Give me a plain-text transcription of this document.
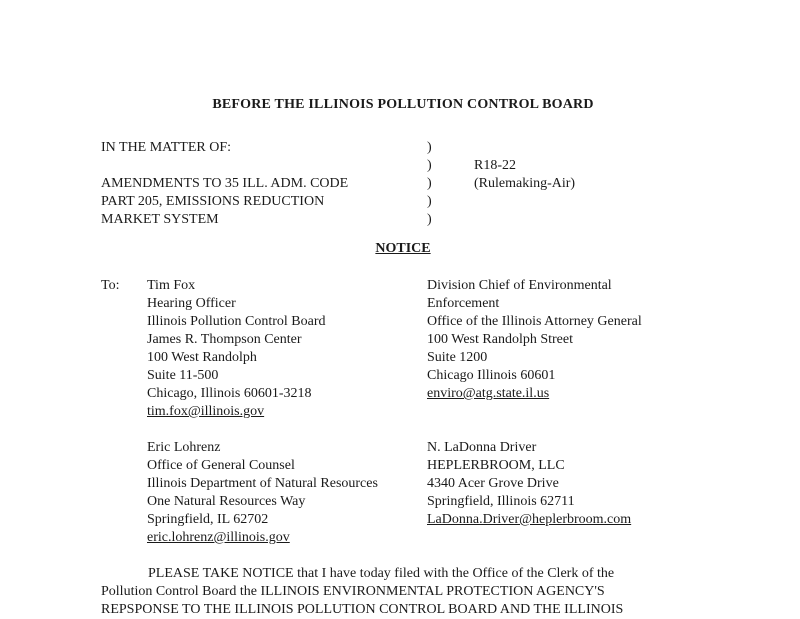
BEFORE THE ILLINOIS POLLUTION CONTROL BOARD
IN THE MATTER OF:
AMENDMENTS TO 35 ILL. ADM. CODE
PART 205, EMISSIONS REDUCTION
MARKET SYSTEM
)
)
)
)
)
R18-22
(Rulemaking-Air)
NOTICE
To: Tim Fox
Hearing Officer
Illinois Pollution Control Board
James R. Thompson Center
100 West Randolph
Suite 11-500
Chicago, Illinois 60601-3218
tim.fox@illinois.gov
Division Chief of Environmental
Enforcement
Office of the Illinois Attorney General
100 West Randolph Street
Suite 1200
Chicago Illinois 60601
enviro@atg.state.il.us
Eric Lohrenz
Office of General Counsel
Illinois Department of Natural Resources
One Natural Resources Way
Springfield, IL 62702
eric.lohrenz@illinois.gov
N. LaDonna Driver
HEPLERBROOM, LLC
4340 Acer Grove Drive
Springfield, Illinois 62711
LaDonna.Driver@heplerbroom.com
PLEASE TAKE NOTICE that I have today filed with the Office of the Clerk of the
Pollution Control Board the ILLINOIS ENVIRONMENTAL PROTECTION AGENCY'S
REPSPONSE TO THE ILLINOIS POLLUTION CONTROL BOARD AND THE ILLINOIS
